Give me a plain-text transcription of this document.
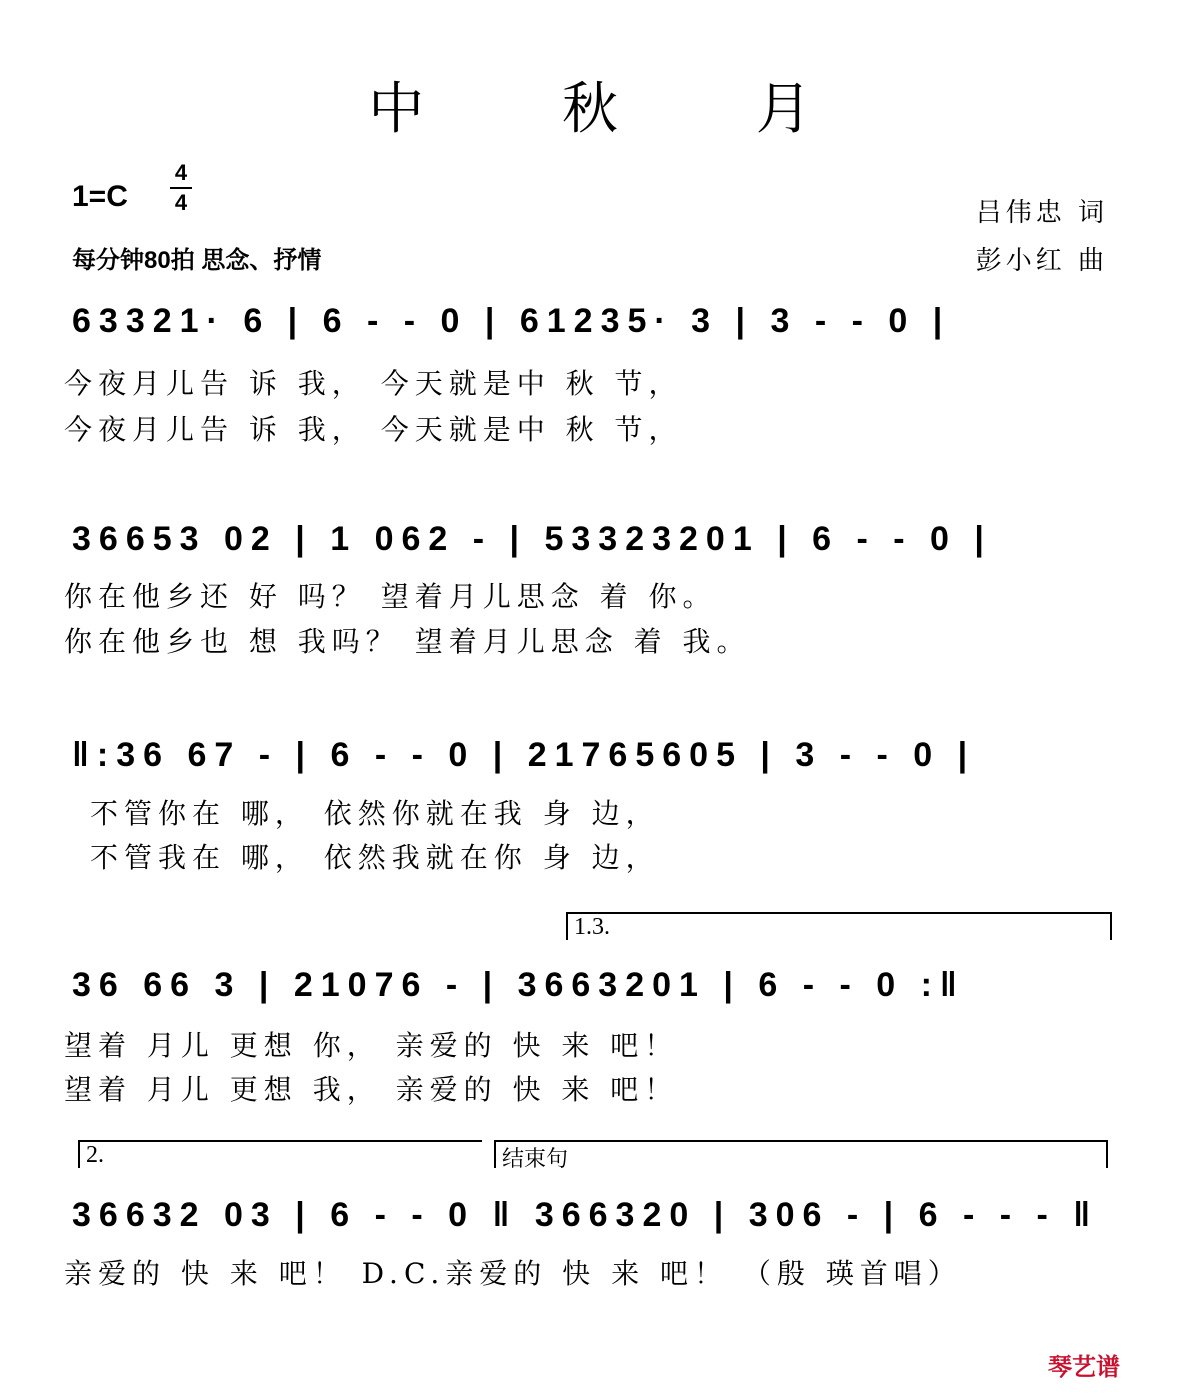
中 秋 月
1=C
4
4
每分钟80拍 思念、抒情
吕伟忠 词
彭小红 曲
63321· 6 | 6 - - 0 | 61235· 3 | 3 - - 0 |
今夜月儿告 诉 我， 今天就是中 秋 节，
今夜月儿告 诉 我， 今天就是中 秋 节，
36653 02 | 1 062 - | 53323201 | 6 - - 0 |
你在他乡还 好 吗？ 望着月儿思念 着 你。
你在他乡也 想 我吗？ 望着月儿思念 着 我。
‖:36 67 - | 6 - - 0 | 21765605 | 3 - - 0 |
不管你在 哪， 依然你就在我 身 边，
不管我在 哪， 依然我就在你 身 边，
1.3.
36 66 3 | 21076 - | 3663201 | 6 - - 0 :‖
望着 月儿 更想 你， 亲爱的 快 来 吧！
望着 月儿 更想 我， 亲爱的 快 来 吧！
2.	结束句
36632 03 | 6 - - 0 ‖ 366320 | 306 - | 6 - - - ‖
亲爱的 快 来 吧！ D.C.亲爱的 快 来 吧！ （殷 瑛首唱）
琴艺谱
